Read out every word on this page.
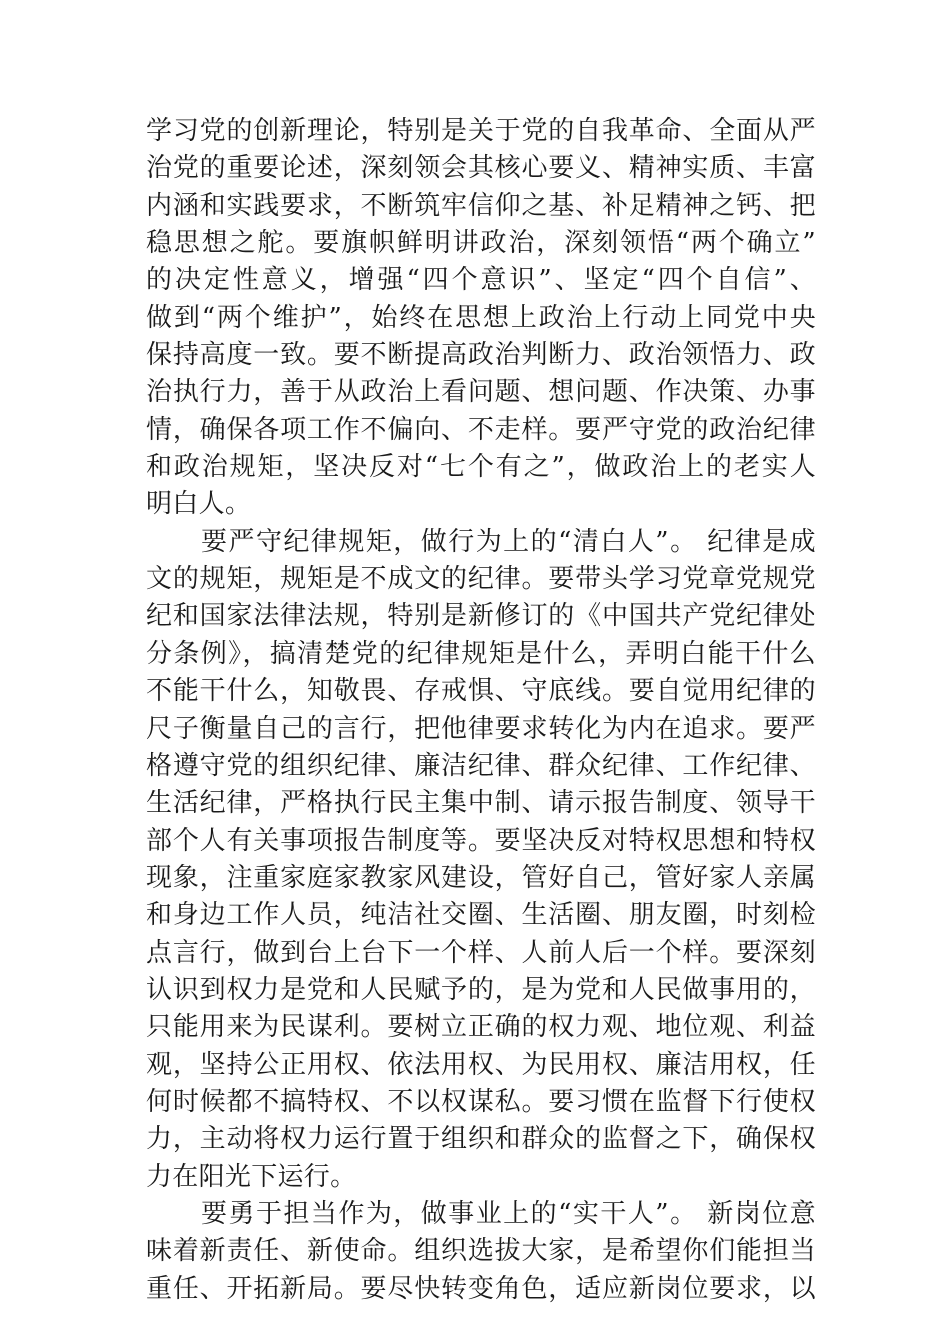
学习党的创新理论，特别是关于党的自我革命、全面从严
治党的重要论述，深刻领会其核心要义、精神实质、丰富
内涵和实践要求，不断筑牢信仰之基、补足精神之钙、把
稳思想之舵。要旗帜鲜明讲政治，深刻领悟“两个确立”
的决定性意义，增强“四个意识”、坚定“四个自信”、
做到“两个维护”，始终在思想上政治上行动上同党中央
保持高度一致。要不断提高政治判断力、政治领悟力、政
治执行力，善于从政治上看问题、想问题、作决策、办事
情，确保各项工作不偏向、不走样。要严守党的政治纪律
和政治规矩，坚决反对“七个有之”，做政治上的老实人
明白人。
要严守纪律规矩，做行为上的“清白人”。 纪律是成
文的规矩，规矩是不成文的纪律。要带头学习党章党规党
纪和国家法律法规，特别是新修订的《中国共产党纪律处
分条例》，搞清楚党的纪律规矩是什么，弄明白能干什么
不能干什么，知敬畏、存戒惧、守底线。要自觉用纪律的
尺子衡量自己的言行，把他律要求转化为内在追求。要严
格遵守党的组织纪律、廉洁纪律、群众纪律、工作纪律、
生活纪律，严格执行民主集中制、请示报告制度、领导干
部个人有关事项报告制度等。要坚决反对特权思想和特权
现象，注重家庭家教家风建设，管好自己，管好家人亲属
和身边工作人员，纯洁社交圈、生活圈、朋友圈，时刻检
点言行，做到台上台下一个样、人前人后一个样。要深刻
认识到权力是党和人民赋予的，是为党和人民做事用的，
只能用来为民谋利。要树立正确的权力观、地位观、利益
观，坚持公正用权、依法用权、为民用权、廉洁用权，任
何时候都不搞特权、不以权谋私。要习惯在监督下行使权
力，主动将权力运行置于组织和群众的监督之下，确保权
力在阳光下运行。
要勇于担当作为，做事业上的“实干人”。 新岗位意
味着新责任、新使命。组织选拔大家，是希望你们能担当
重任、开拓新局。要尽快转变角色，适应新岗位要求，以
